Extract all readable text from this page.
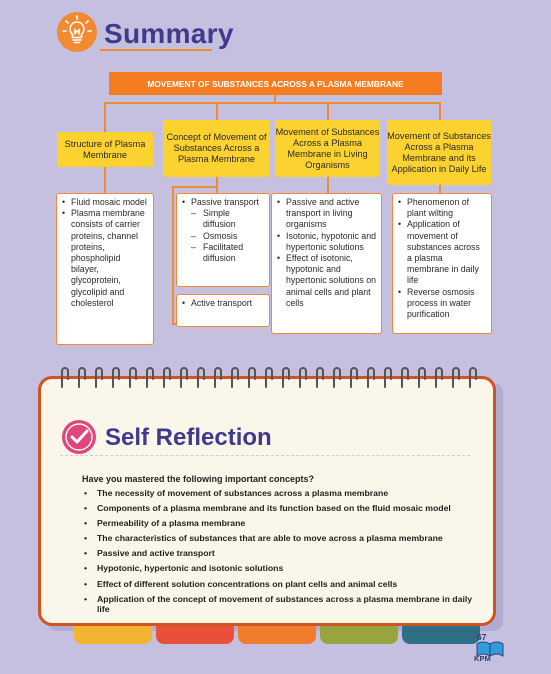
Summary
MOVEMENT OF SUBSTANCES ACROSS A PLASMA MEMBRANE
Structure of Plasma Membrane
Concept of Movement of Substances Across a Plasma Membrane
Movement of Substances Across a Plasma Membrane in Living Organisms
Movement of Substances Across a Plasma Membrane and its Application in Daily Life
• Fluid mosaic model
• Plasma membrane consists of carrier proteins, channel proteins, phospholipid bilayer, glycoprotein, glycolipid and cholesterol
• Passive transport
– Simple diffusion
– Osmosis
– Facilitated diffusion
• Active transport
• Passive and active transport in living organisms
• Isotonic, hypotonic and hypertonic solutions
• Effect of isotonic, hypotonic and hypertonic solutions on animal cells and plant cells
• Phenomenon of plant wilting
• Application of movement of substances across a plasma membrane in daily life
• Reverse osmosis process in water purification
Self Reflection
Have you mastered the following important concepts?
• The necessity of movement of substances across a plasma membrane
• Components of a plasma membrane and its function based on the fluid mosaic model
• Permeability of a plasma membrane
• The characteristics of substances that are able to move across a plasma membrane
• Passive and active transport
• Hypotonic, hypertonic and isotonic solutions
• Effect of different solution concentrations on plant cells and animal cells
• Application of the concept of movement of substances across a plasma membrane in daily life
67
KPM
